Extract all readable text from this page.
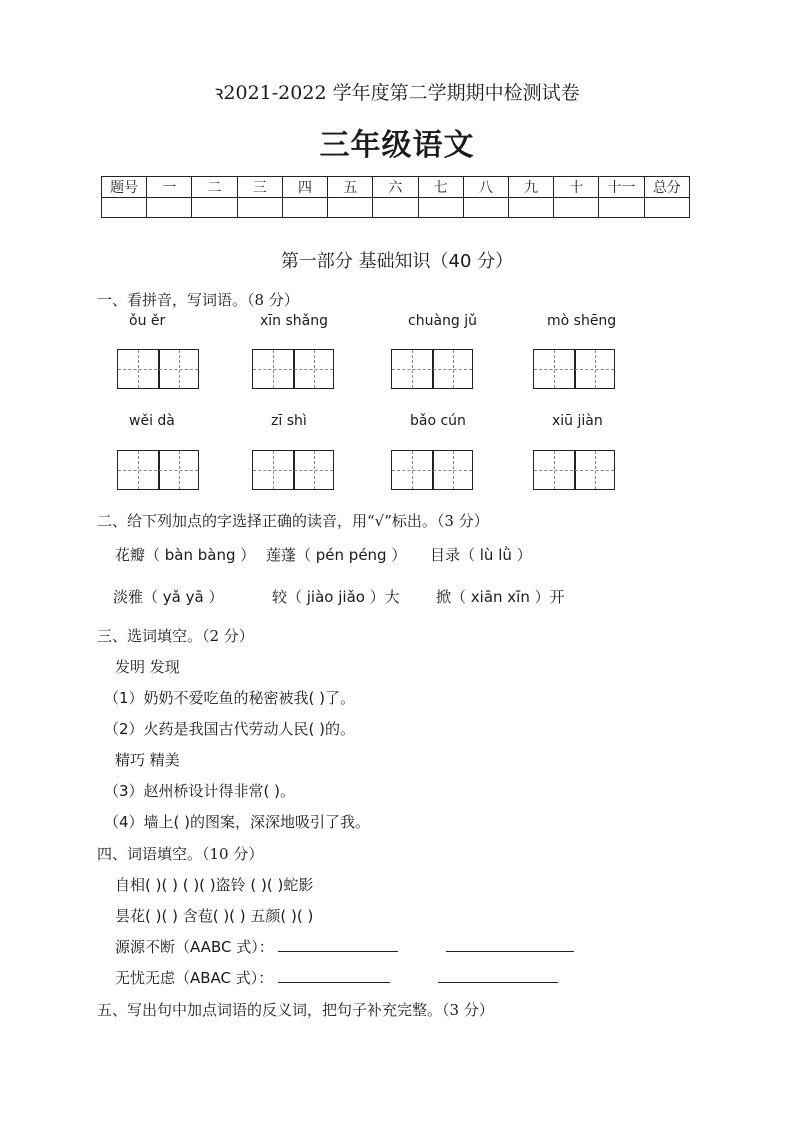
ꝛ2021-2022 学年度第二学期期中检测试卷
三年级语文
题号	一	二	三	四	五	六	七	八	九	十	十一	总分

第一部分 基础知识（40 分）
一、看拼音，写词语。（8 分）
ǒu ěr	xīn shǎng	chuàng jǔ	mò shēng
wěi dà	zī shì	bǎo cún	xiū jiàn
二、给下列加点的字选择正确的读音，用“√”标出。（3 分）
花瓣（ bàn bàng ） 莲蓬（ pén péng ） 目录（ lù lǜ ）
淡雅（ yǎ yā ）	较（ jiào jiǎo ）大 掀（ xiān xīn ）开
三、选词填空。（2 分）
发明 发现
（1）奶奶不爱吃鱼的秘密被我( )了。
（2）火药是我国古代劳动人民( )的。
精巧 精美
（3）赵州桥设计得非常( )。
（4）墙上( )的图案，深深地吸引了我。
四、词语填空。（10 分）
自相( )( ) ( )( )盗铃 ( )( )蛇影
昙花( )( ) 含苞( )( ) 五颜( )( )
源源不断（AABC 式）：
无忧无虑（ABAC 式）：
五、写出句中加点词语的反义词，把句子补充完整。（3 分）
